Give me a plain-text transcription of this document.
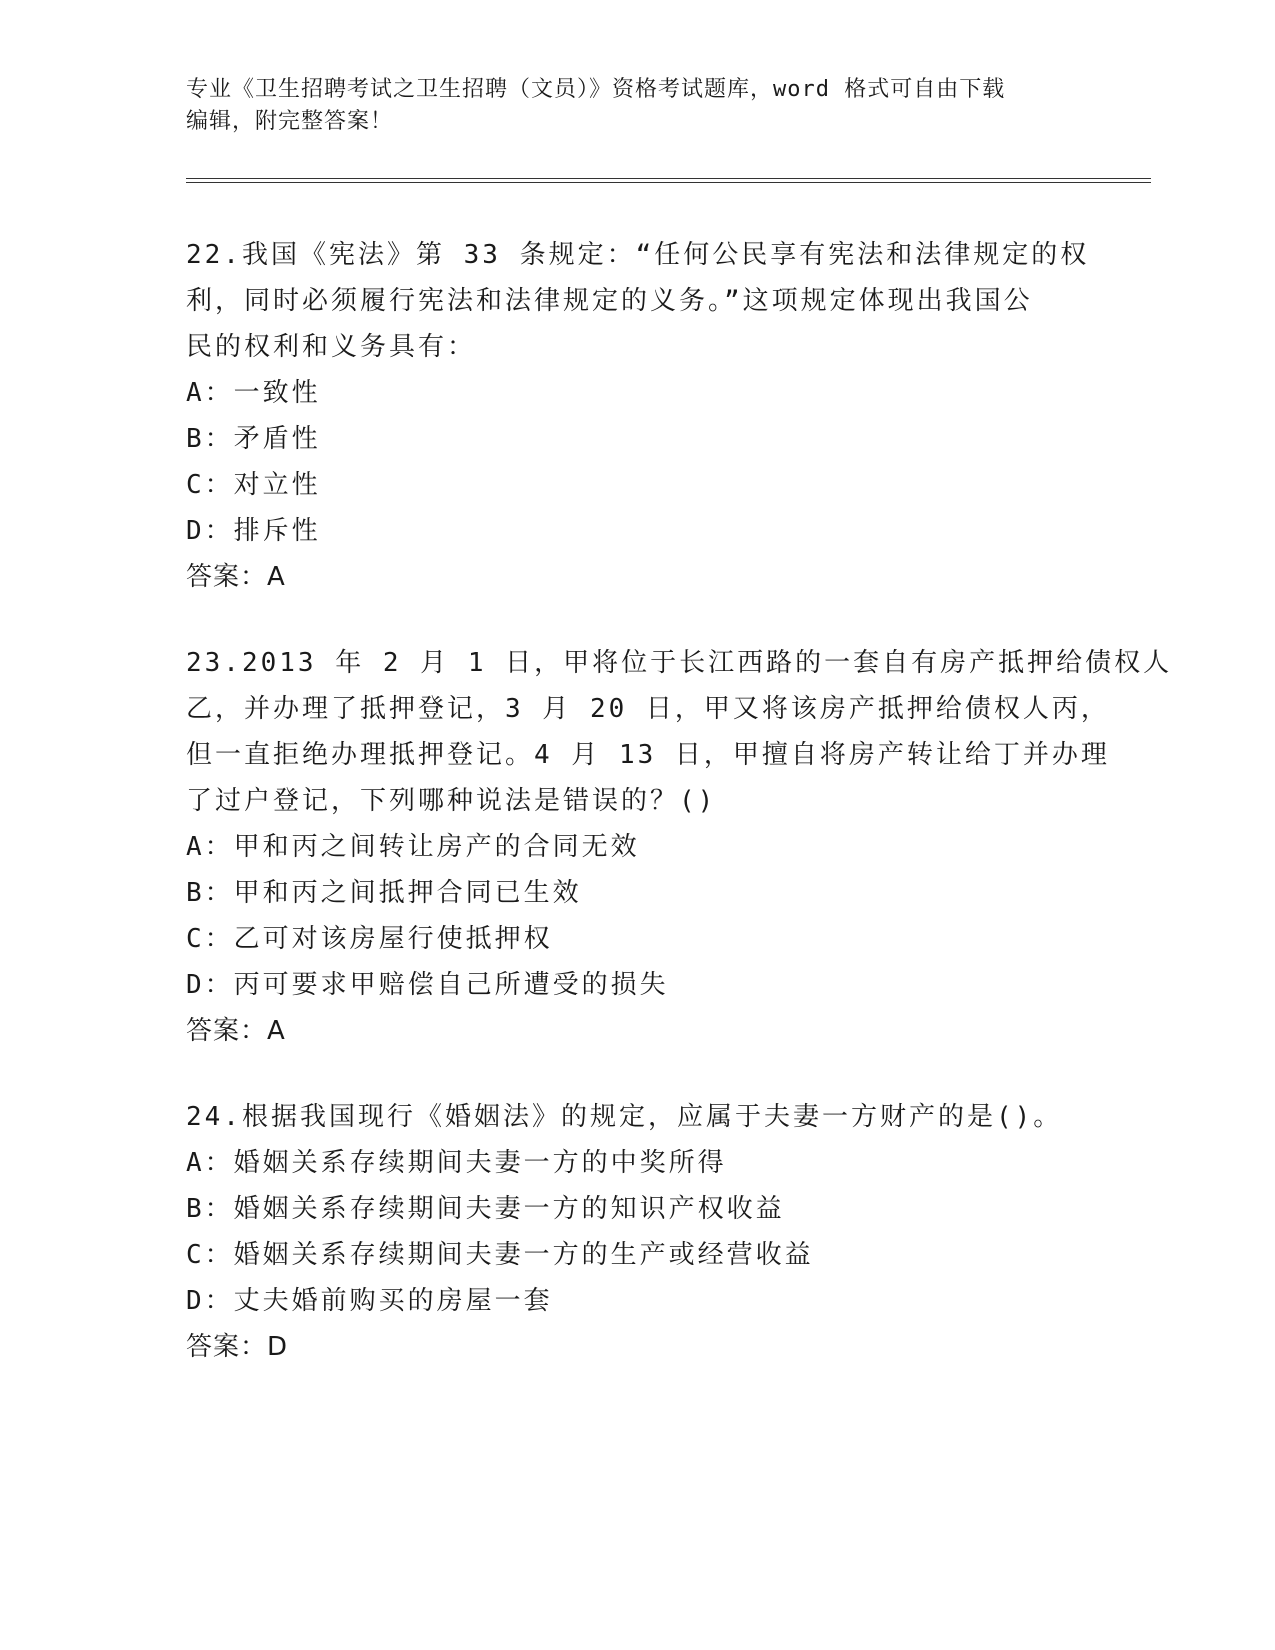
专业《卫生招聘考试之卫生招聘（文员）》资格考试题库，word 格式可自由下载
编辑，附完整答案！

22.我国《宪法》第 33 条规定：“任何公民享有宪法和法律规定的权
利，同时必须履行宪法和法律规定的义务。”这项规定体现出我国公
民的权利和义务具有：

A：一致性

B：矛盾性

C：对立性

D：排斥性

答案：A

23.2013 年 2 月 1 日，甲将位于长江西路的一套自有房产抵押给债权人
乙，并办理了抵押登记，3 月 20 日，甲又将该房产抵押给债权人丙，
但一直拒绝办理抵押登记。4 月 13 日，甲擅自将房产转让给丁并办理
了过户登记，下列哪种说法是错误的？()

A：甲和丙之间转让房产的合同无效

B：甲和丙之间抵押合同已生效

C：乙可对该房屋行使抵押权

D：丙可要求甲赔偿自己所遭受的损失

答案：A

24.根据我国现行《婚姻法》的规定，应属于夫妻一方财产的是()。

A：婚姻关系存续期间夫妻一方的中奖所得

B：婚姻关系存续期间夫妻一方的知识产权收益

C：婚姻关系存续期间夫妻一方的生产或经营收益

D：丈夫婚前购买的房屋一套

答案：D
